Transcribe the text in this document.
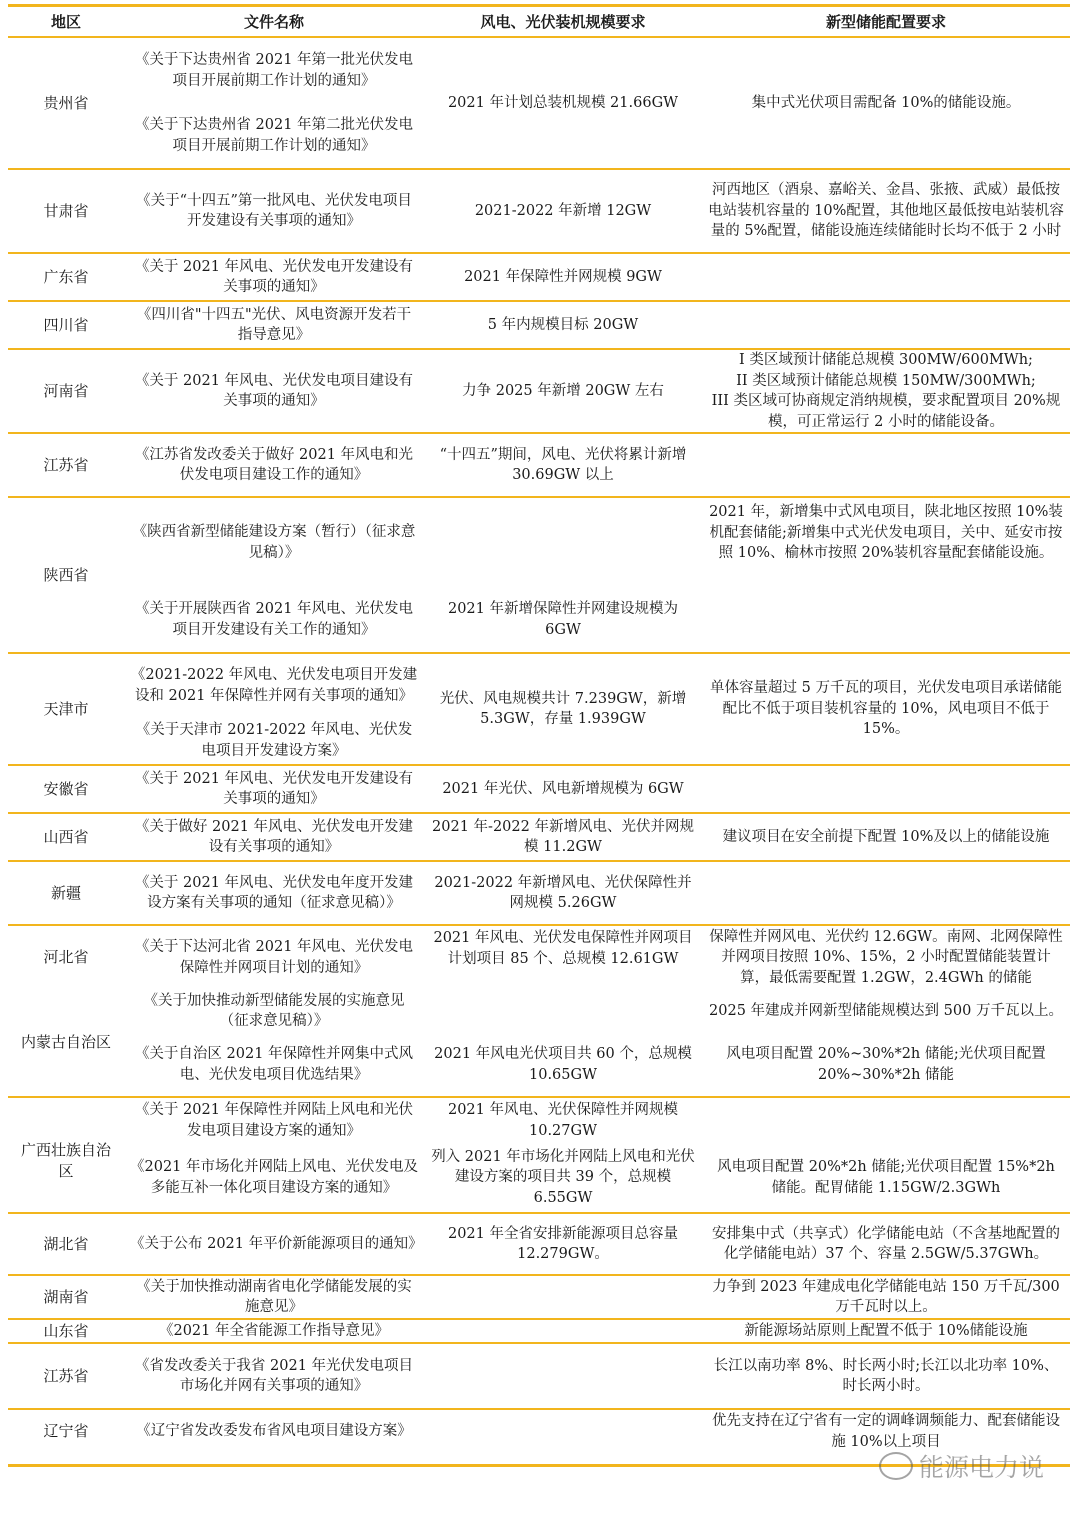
地区	文件名称	风电、光伏装机规模要求	新型储能配置要求
贵州省	《关于下达贵州省 2021 年第一批光伏发电项目开展前期工作计划的通知》	2021 年计划总装机规模 21.66GW	集中式光伏项目需配备 10%的储能设施。
	《关于下达贵州省 2021 年第二批光伏发电项目开展前期工作计划的通知》		
甘肃省	《关于“十四五”第一批风电、光伏发电项目开发建设有关事项的通知》	2021-2022 年新增 12GW	河西地区（酒泉、嘉峪关、金昌、张掖、武威）最低按电站装机容量的 10%配置，其他地区最低按电站装机容量的 5%配置，储能设施连续储能时长均不低于 2 小时
广东省	《关于 2021 年风电、光伏发电开发建设有关事项的通知》	2021 年保障性并网规模 9GW	
四川省	《四川省"十四五"光伏、风电资源开发若干指导意见》	5 年内规模目标 20GW	
河南省	《关于 2021 年风电、光伏发电项目建设有关事项的通知》	力争 2025 年新增 20GW 左右	I 类区域预计储能总规模 300MW/600MWh;
II 类区域预计储能总规模 150MW/300MWh;
III 类区域可协商规定消纳规模，要求配置项目 20%规模，可正常运行 2 小时的储能设备。

江苏省	《江苏省发改委关于做好 2021 年风电和光伏发电项目建设工作的通知》	“十四五”期间，风电、光伏将累计新增 30.69GW 以上	
陕西省	《陕西省新型储能建设方案（暂行）（征求意见稿）》		2021 年，新增集中式风电项目，陕北地区按照 10%装机配套储能;新增集中式光伏发电项目，关中、延安市按照 10%、榆林市按照 20%装机容量配套储能设施。
	《关于开展陕西省 2021 年风电、光伏发电项目开发建设有关工作的通知》	2021 年新增保障性并网建设规模为 6GW	
天津市	《2021-2022 年风电、光伏发电项目开发建设和 2021 年保障性并网有关事项的通知》	光伏、风电规模共计 7.239GW，新增 5.3GW，存量 1.939GW	单体容量超过 5 万千瓦的项目，光伏发电项目承诺储能配比不低于项目装机容量的 10%，风电项目不低于 15%。
	《关于天津市 2021-2022 年风电、光伏发电项目开发建设方案》		
安徽省	《关于 2021 年风电、光伏发电开发建设有关事项的通知》	2021 年光伏、风电新增规模为 6GW	
山西省	《关于做好 2021 年风电、光伏发电开发建设有关事项的通知》	2021 年-2022 年新增风电、光伏并网规模 11.2GW	建议项目在安全前提下配置 10%及以上的储能设施
新疆	《关于 2021 年风电、光伏发电年度开发建设方案有关事项的通知（征求意见稿）》	2021-2022 年新增风电、光伏保障性并网规模 5.26GW	
河北省	《关于下达河北省 2021 年风电、光伏发电保障性并网项目计划的通知》	2021 年风电、光伏发电保障性并网项目计划项目 85 个、总规模 12.61GW	保障性并网风电、光伏约 12.6GW。南网、北网保障性并网项目按照 10%、15%，2 小时配置储能装置计算，最低需要配置 1.2GW，2.4GWh 的储能
内蒙古自治区	《关于加快推动新型储能发展的实施意见（征求意见稿）》		2025 年建成并网新型储能规模达到 500 万千瓦以上。
	《关于自治区 2021 年保障性并网集中式风电、光伏发电项目优选结果》	2021 年风电光伏项目共 60 个，总规模 10.65GW	风电项目配置 20%~30%*2h 储能;光伏项目配置 20%~30%*2h 储能
广西壮族自治区	《关于 2021 年保障性并网陆上风电和光伏发电项目建设方案的通知》	2021 年风电、光伏保障性并网规模 10.27GW	风电项目配置 20%*2h 储能;光伏项目配置 15%*2h 储能。配胃储能 1.15GW/2.3GWh
	《2021 年市场化并网陆上风电、光伏发电及多能互补一体化项目建设方案的通知》	列入 2021 年市场化并网陆上风电和光伏建设方案的项目共 39 个，总规模 6.55GW	
湖北省	《关于公布 2021 年平价新能源项目的通知》	2021 年全省安排新能源项目总容量 12.279GW。	安排集中式（共享式）化学储能电站（不含基地配置的化学储能电站）37 个、容量 2.5GW/5.37GWh。
湖南省	《关于加快推动湖南省电化学储能发展的实施意见》		力争到 2023 年建成电化学储能电站 150 万千瓦/300 万千瓦时以上。
山东省	《2021 年全省能源工作指导意见》		新能源场站原则上配置不低于 10%储能设施
江苏省	《省发改委关于我省 2021 年光伏发电项目市场化并网有关事项的通知》		长江以南功率 8%、时长两小时;长江以北功率 10%、时长两小时。
辽宁省	《辽宁省发改委发布省风电项目建设方案》		优先支持在辽宁省有一定的调峰调频能力、配套储能设施 10%以上项目
能源电力说
